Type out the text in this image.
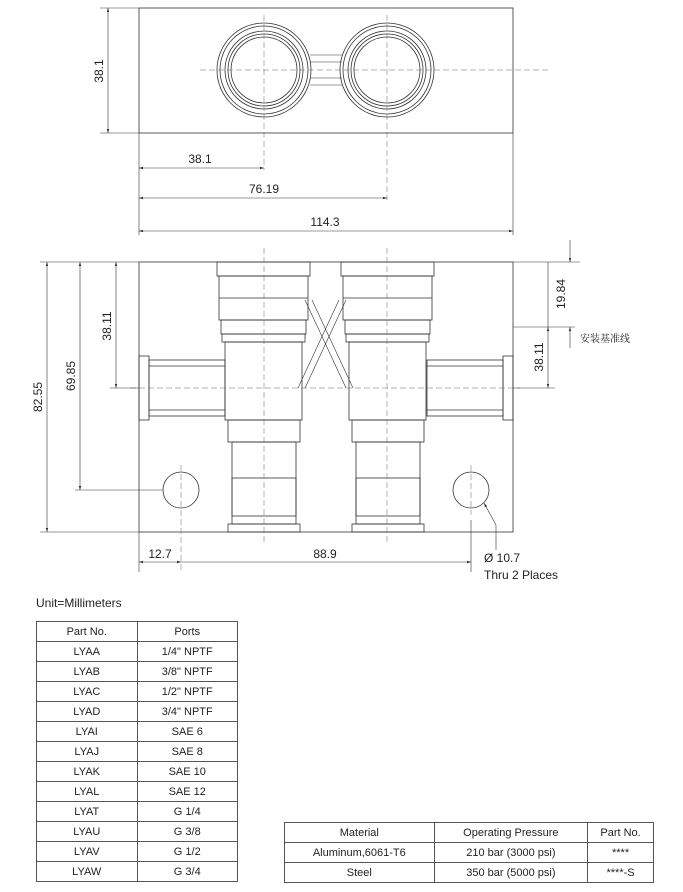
38.1
38.1
76.19
114.3
82.55
69.85
38.11
19.84
38.11
安装基准线
12.7	88.9	Ø 10.7
Thru 2 Places
Unit=Millimeters
Part No.	Ports
LYAA	1/4" NPTF
LYAB	3/8" NPTF
LYAC	1/2" NPTF
LYAD	3/4" NPTF
LYAI	SAE 6
LYAJ	SAE 8
LYAK	SAE 10
LYAL	SAE 12
LYAT	G 1/4
LYAU	G 3/8
LYAV	G 1/2
LYAW	G 3/4
Material	Operating Pressure	Part No.
Aluminum,6061-T6	210 bar (3000 psi)	****
Steel	350 bar (5000 psi)	****-S
